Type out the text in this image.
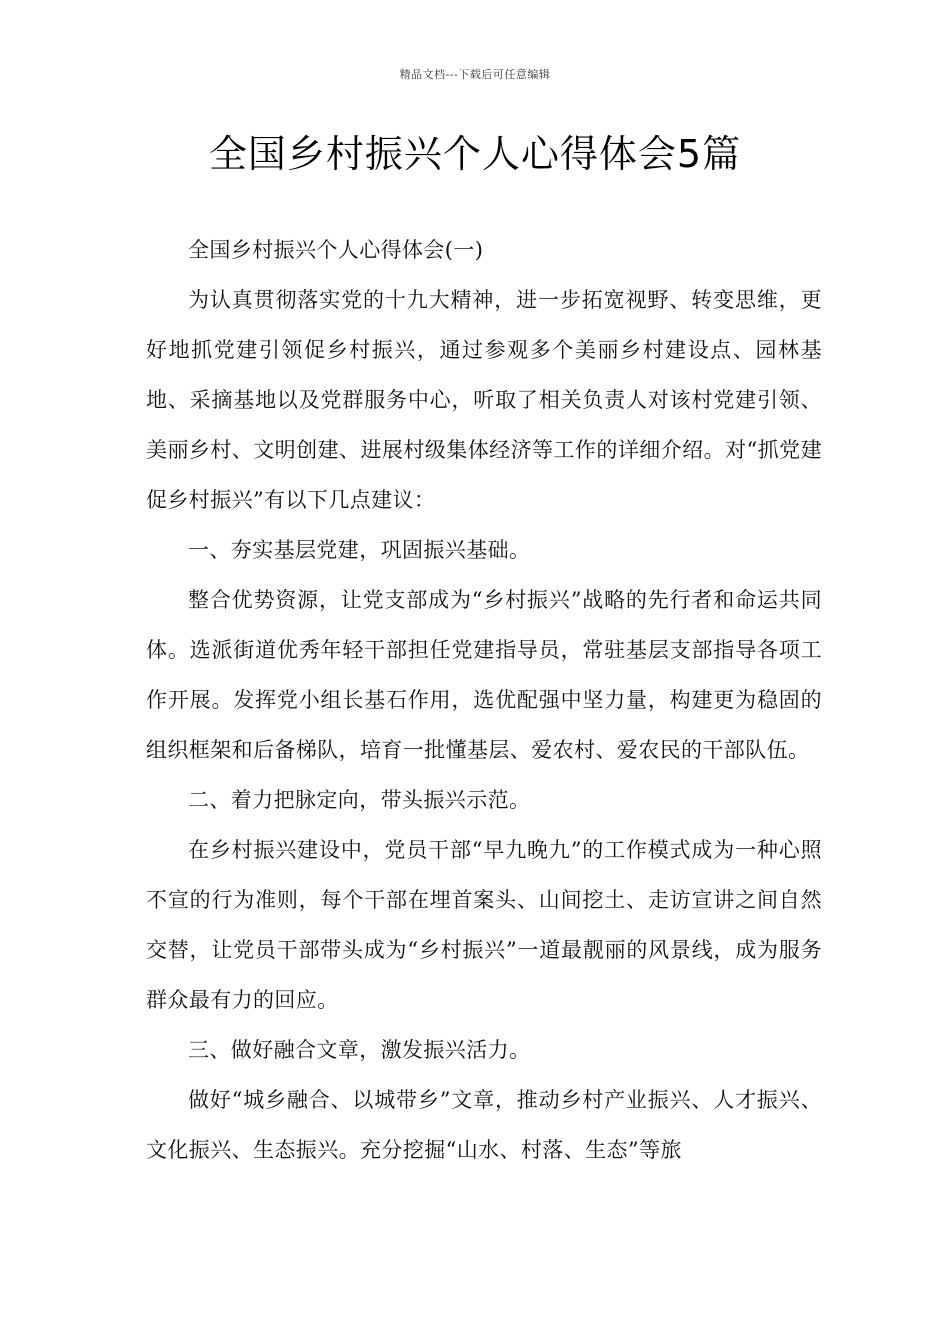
精品文档---下载后可任意编辑
全国乡村振兴个人心得体会5篇

全国乡村振兴个人心得体会(一)

为认真贯彻落实党的十九大精神，进一步拓宽视野、转变思维，更好地抓党建引领促乡村振兴，通过参观多个美丽乡村建设点、园林基地、采摘基地以及党群服务中心，听取了相关负责人对该村党建引领、美丽乡村、文明创建、进展村级集体经济等工作的详细介绍。对“抓党建促乡村振兴”有以下几点建议：

一、夯实基层党建，巩固振兴基础。

整合优势资源，让党支部成为“乡村振兴”战略的先行者和命运共同体。选派街道优秀年轻干部担任党建指导员，常驻基层支部指导各项工作开展。发挥党小组长基石作用，选优配强中坚力量，构建更为稳固的组织框架和后备梯队，培育一批懂基层、爱农村、爱农民的干部队伍。

二、着力把脉定向，带头振兴示范。

在乡村振兴建设中，党员干部“早九晚九”的工作模式成为一种心照不宣的行为准则，每个干部在埋首案头、山间挖土、走访宣讲之间自然交替，让党员干部带头成为“乡村振兴”一道最靓丽的风景线，成为服务群众最有力的回应。

三、做好融合文章，激发振兴活力。

做好“城乡融合、以城带乡”文章，推动乡村产业振兴、人才振兴、文化振兴、生态振兴。充分挖掘“山水、村落、生态”等旅
